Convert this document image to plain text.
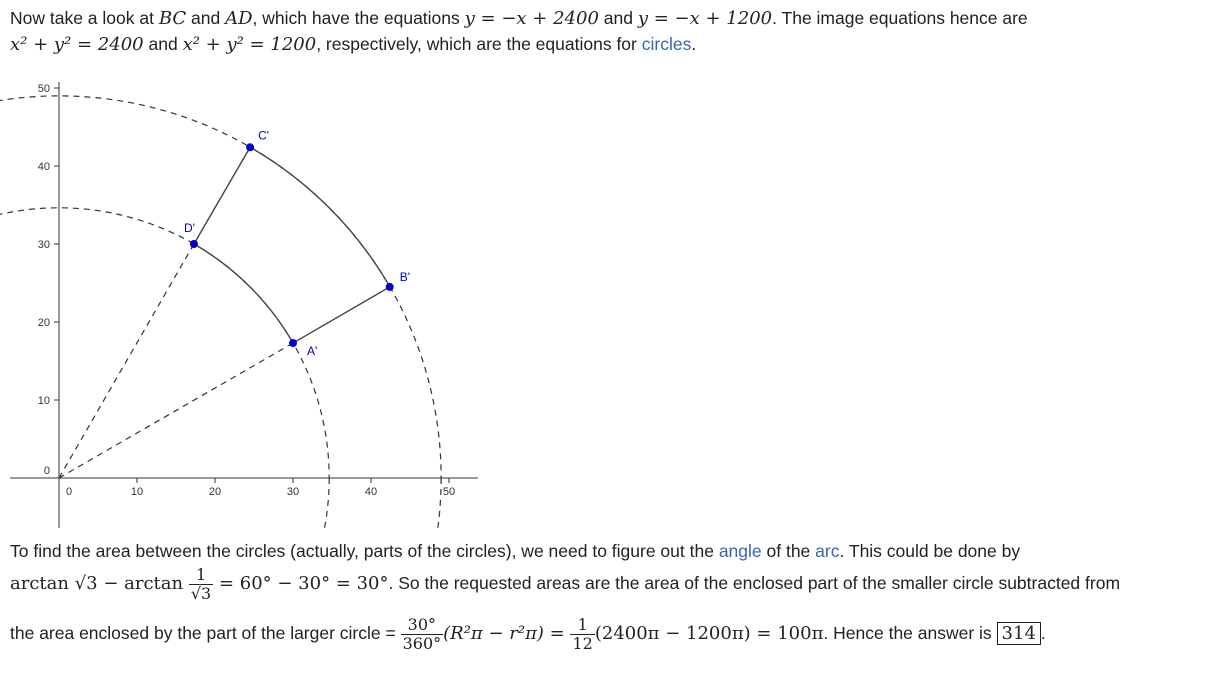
Now take a look at BC and AD, which have the equations y = −x + 2400 and y = −x + 1200. The image equations hence are
x² + y² = 2400 and x² + y² = 1200, respectively, which are the equations for circles.
0	10	20	30	40	50
0
10
20
30
40
50
C'
D'
B'
A'
To find the area between the circles (actually, parts of the circles), we need to figure out the angle of the arc. This could be done by
$\arctan √3 - \arctan \frac{1}{√3} = 60^\circ - 30^\circ = 30^\circ$. So the requested areas are the area of the enclosed part of the smaller circle subtracted from
the area enclosed by the part of the larger circle = $\frac{30^\circ}{360^\circ} (R^2\pi - r^2\pi) = \frac{1}{12} (2400\pi - 1200\pi) = 100\pi$. Hence the answer is 314 .
